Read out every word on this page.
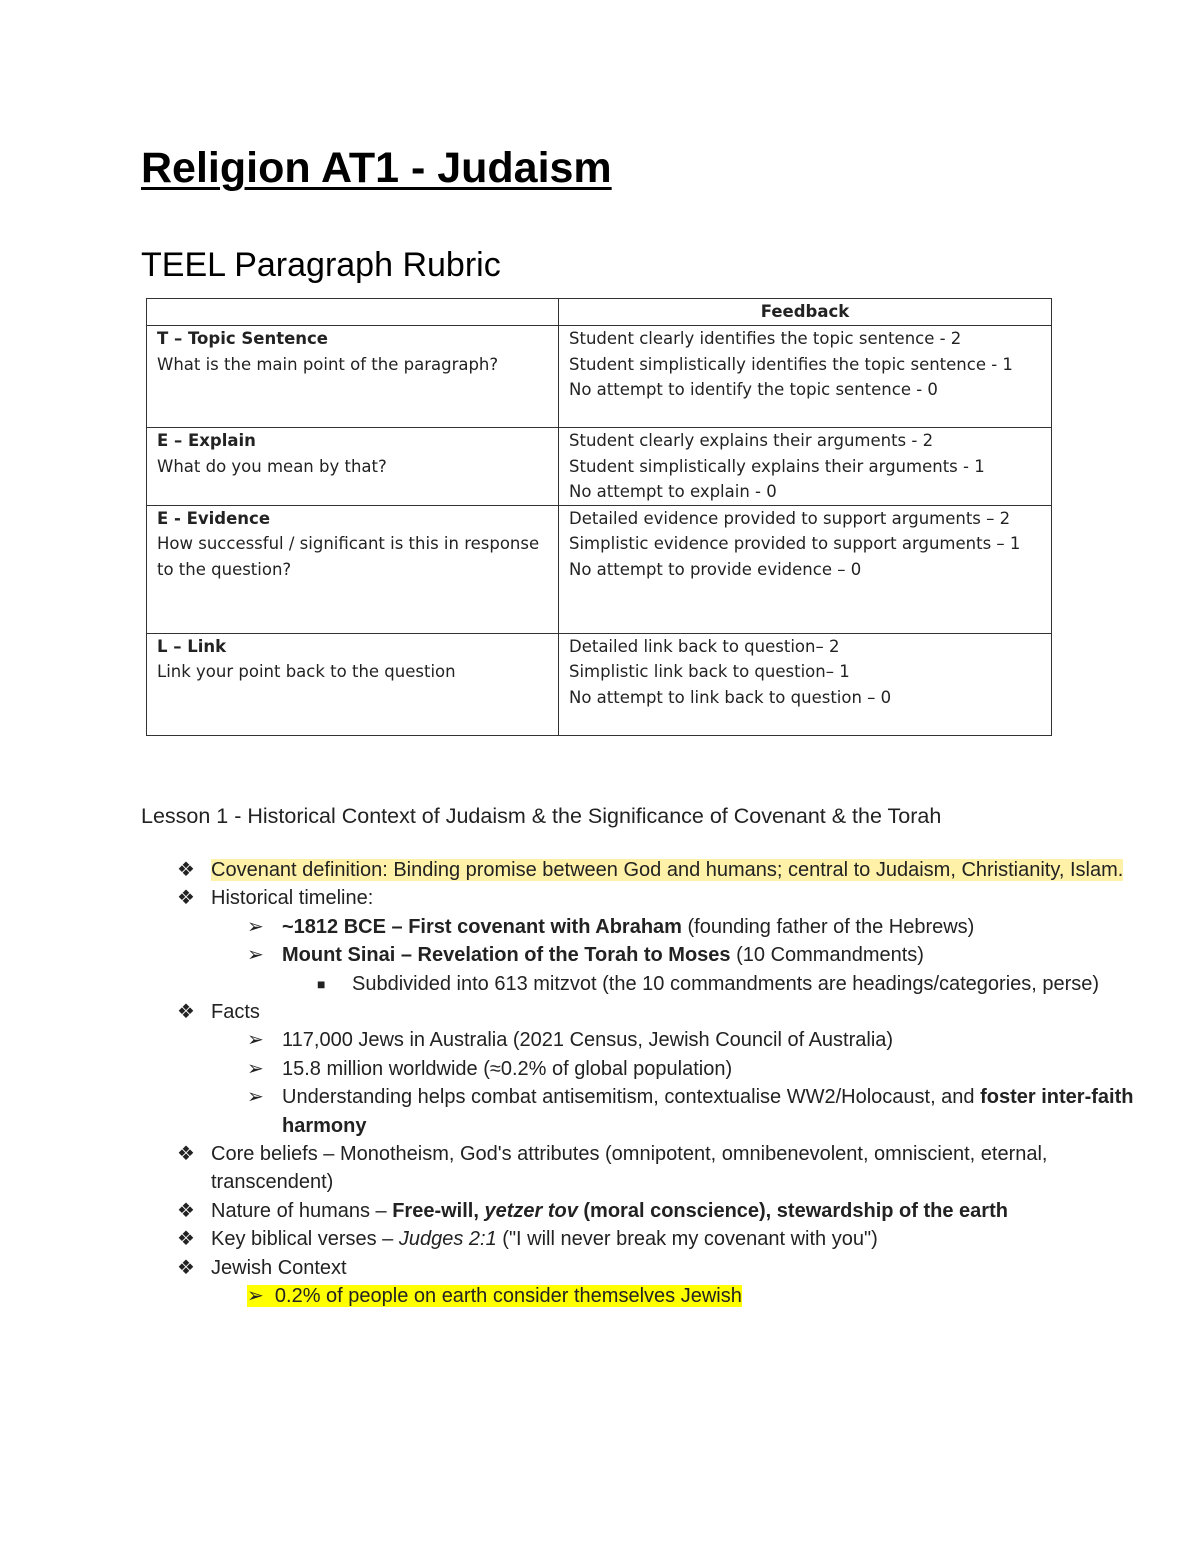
Religion AT1 - Judaism
TEEL Paragraph Rubric
	Feedback

T – Topic Sentence
What is the main point of the paragraph?	Student clearly identifies the topic sentence - 2
Student simplistically identifies the topic sentence - 1
No attempt to identify the topic sentence - 0

E – Explain
What do you mean by that?	Student clearly explains their arguments - 2
Student simplistically explains their arguments - 1
No attempt to explain - 0

E - Evidence
How successful / significant is this in response to the question?	Detailed evidence provided to support arguments – 2
Simplistic evidence provided to support arguments – 1
No attempt to provide evidence – 0

L – Link
Link your point back to the question	Detailed link back to question– 2
Simplistic link back to question– 1
No attempt to link back to question – 0
Lesson 1 - Historical Context of Judaism & the Significance of Covenant & the Torah
❖ Covenant definition: Binding promise between God and humans; central to Judaism, Christianity, Islam.
❖ Historical timeline:
➢ ~1812 BCE – First covenant with Abraham (founding father of the Hebrews)
➢ Mount Sinai – Revelation of the Torah to Moses (10 Commandments)
■	Subdivided into 613 mitzvot (the 10 commandments are headings/categories, perse)
❖ Facts
➢ 117,000 Jews in Australia (2021 Census, Jewish Council of Australia)
➢ 15.8 million worldwide (≈0.2% of global population)
➢ Understanding helps combat antisemitism, contextualise WW2/Holocaust, and foster inter-faith harmony
❖ Core beliefs – Monotheism, God's attributes (omnipotent, omnibenevolent, omniscient, eternal, transcendent)
❖ Nature of humans – Free-will, yetzer tov (moral conscience), stewardship of the earth
❖ Key biblical verses – Judges 2:1 ("I will never break my covenant with you")
❖ Jewish Context
➢ 0.2% of people on earth consider themselves Jewish
